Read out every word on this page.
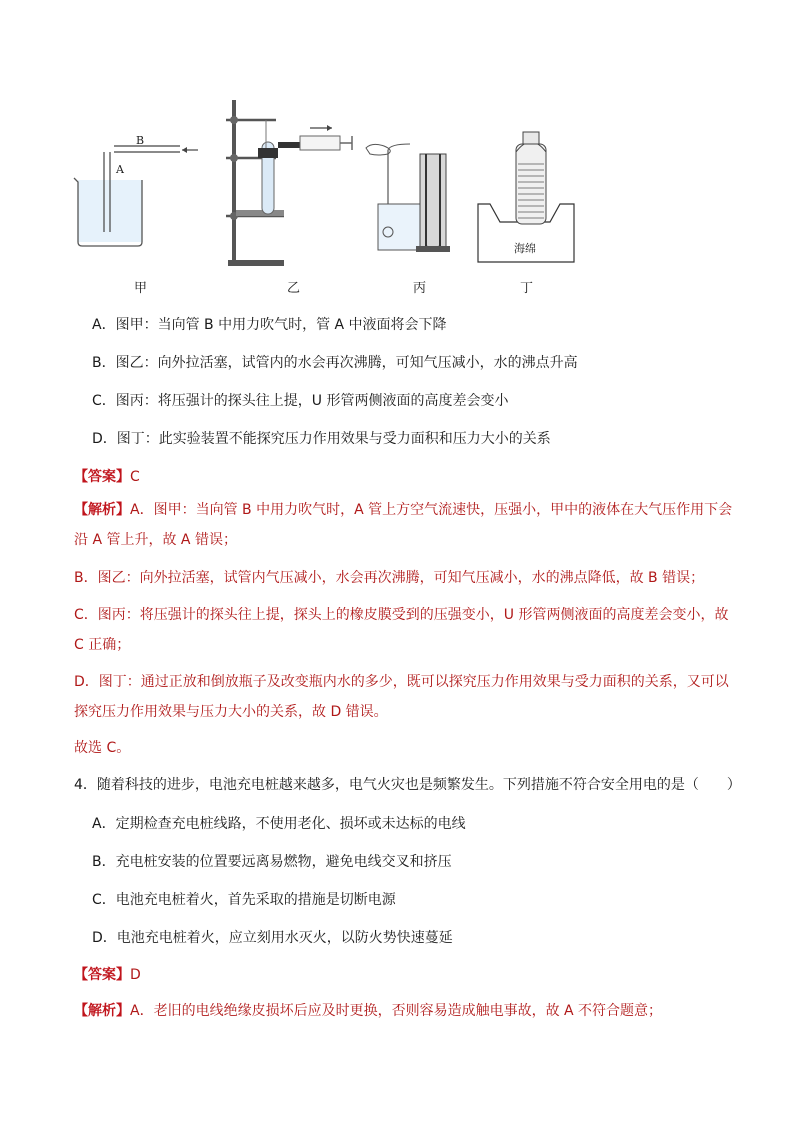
B
A
海绵
甲	乙	丙	丁
A．图甲：当向管 B 中用力吹气时，管 A 中液面将会下降
B．图乙：向外拉活塞，试管内的水会再次沸腾，可知气压减小，水的沸点升高
C．图丙：将压强计的探头往上提，U 形管两侧液面的高度差会变小
D．图丁：此实验装置不能探究压力作用效果与受力面积和压力大小的关系
【答案】C
【解析】A．图甲：当向管 B 中用力吹气时，A 管上方空气流速快，压强小，甲中的液体在大气压作用下会沿 A 管上升，故 A 错误；
B．图乙：向外拉活塞，试管内气压减小，水会再次沸腾，可知气压减小，水的沸点降低，故 B 错误；
C．图丙：将压强计的探头往上提，探头上的橡皮膜受到的压强变小，U 形管两侧液面的高度差会变小，故 C 正确；
D．图丁：通过正放和倒放瓶子及改变瓶内水的多少，既可以探究压力作用效果与受力面积的关系，又可以探究压力作用效果与压力大小的关系，故 D 错误。
故选 C。
4．随着科技的进步，电池充电桩越来越多，电气火灾也是频繁发生。下列措施不符合安全用电的是（　　）
A．定期检查充电桩线路，不使用老化、损坏或未达标的电线
B．充电桩安装的位置要远离易燃物，避免电线交叉和挤压
C．电池充电桩着火，首先采取的措施是切断电源
D．电池充电桩着火，应立刻用水灭火，以防火势快速蔓延
【答案】D
【解析】A．老旧的电线绝缘皮损坏后应及时更换，否则容易造成触电事故，故 A 不符合题意；
